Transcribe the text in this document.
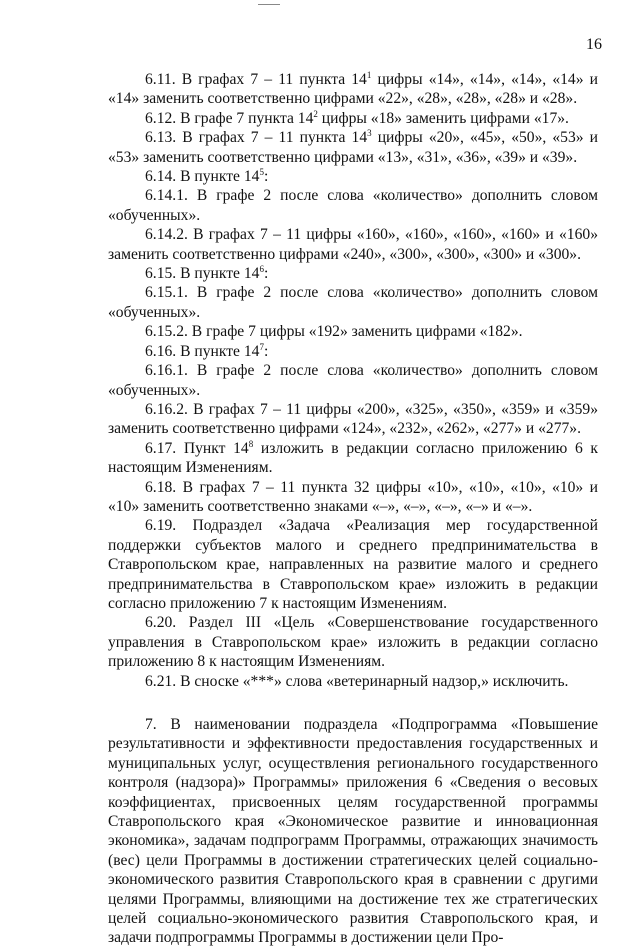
16

6.11. В графах 7 – 11 пункта $14^1$ цифры «14», «14», «14», «14» и «14» заменить соответственно цифрами «22», «28», «28», «28» и «28».

6.12. В графе 7 пункта $14^2$ цифры «18» заменить цифрами «17».

6.13. В графах 7 – 11 пункта $14^3$ цифры «20», «45», «50», «53» и «53» заменить соответственно цифрами «13», «31», «36», «39» и «39».

6.14. В пункте $14^5$:

6.14.1. В графе 2 после слова «количество» дополнить словом «обученных».

6.14.2. В графах 7 – 11 цифры «160», «160», «160», «160» и «160» заменить соответственно цифрами «240», «300», «300», «300» и «300».

6.15. В пункте $14^6$:

6.15.1. В графе 2 после слова «количество» дополнить словом «обученных».

6.15.2. В графе 7 цифры «192» заменить цифрами «182».

6.16. В пункте $14^7$:

6.16.1. В графе 2 после слова «количество» дополнить словом «обученных».

6.16.2. В графах 7 – 11 цифры «200», «325», «350», «359» и «359» заменить соответственно цифрами «124», «232», «262», «277» и «277».

6.17. Пункт $14^8$ изложить в редакции согласно приложению 6 к настоящим Изменениям.

6.18. В графах 7 – 11 пункта 32 цифры «10», «10», «10», «10» и «10» заменить соответственно знаками «–», «–», «–», «–» и «–».

6.19. Подраздел «Задача «Реализация мер государственной поддержки субъектов малого и среднего предпринимательства в Ставропольском крае, направленных на развитие малого и среднего предпринимательства в Ставропольском крае» изложить в редакции согласно приложению 7 к настоящим Изменениям.

6.20. Раздел III «Цель «Совершенствование государственного управления в Ставропольском крае» изложить в редакции согласно приложению 8 к настоящим Изменениям.

6.21. В сноске «***» слова «ветеринарный надзор,» исключить.

7. В наименовании подраздела «Подпрограмма «Повышение результативности и эффективности предоставления государственных и муниципальных услуг, осуществления регионального государственного контроля (надзора)» Программы» приложения 6 «Сведения о весовых коэффициентах, присвоенных целям государственной программы Ставропольского края «Экономическое развитие и инновационная экономика», задачам подпрограмм Программы, отражающих значимость (вес) цели Программы в достижении стратегических целей социально-экономического развития Ставропольского края в сравнении с другими целями Программы, влияющими на достижение тех же стратегических целей социально-экономического развития Ставропольского края, и задачи подпрограммы Программы в достижении цели Про-
